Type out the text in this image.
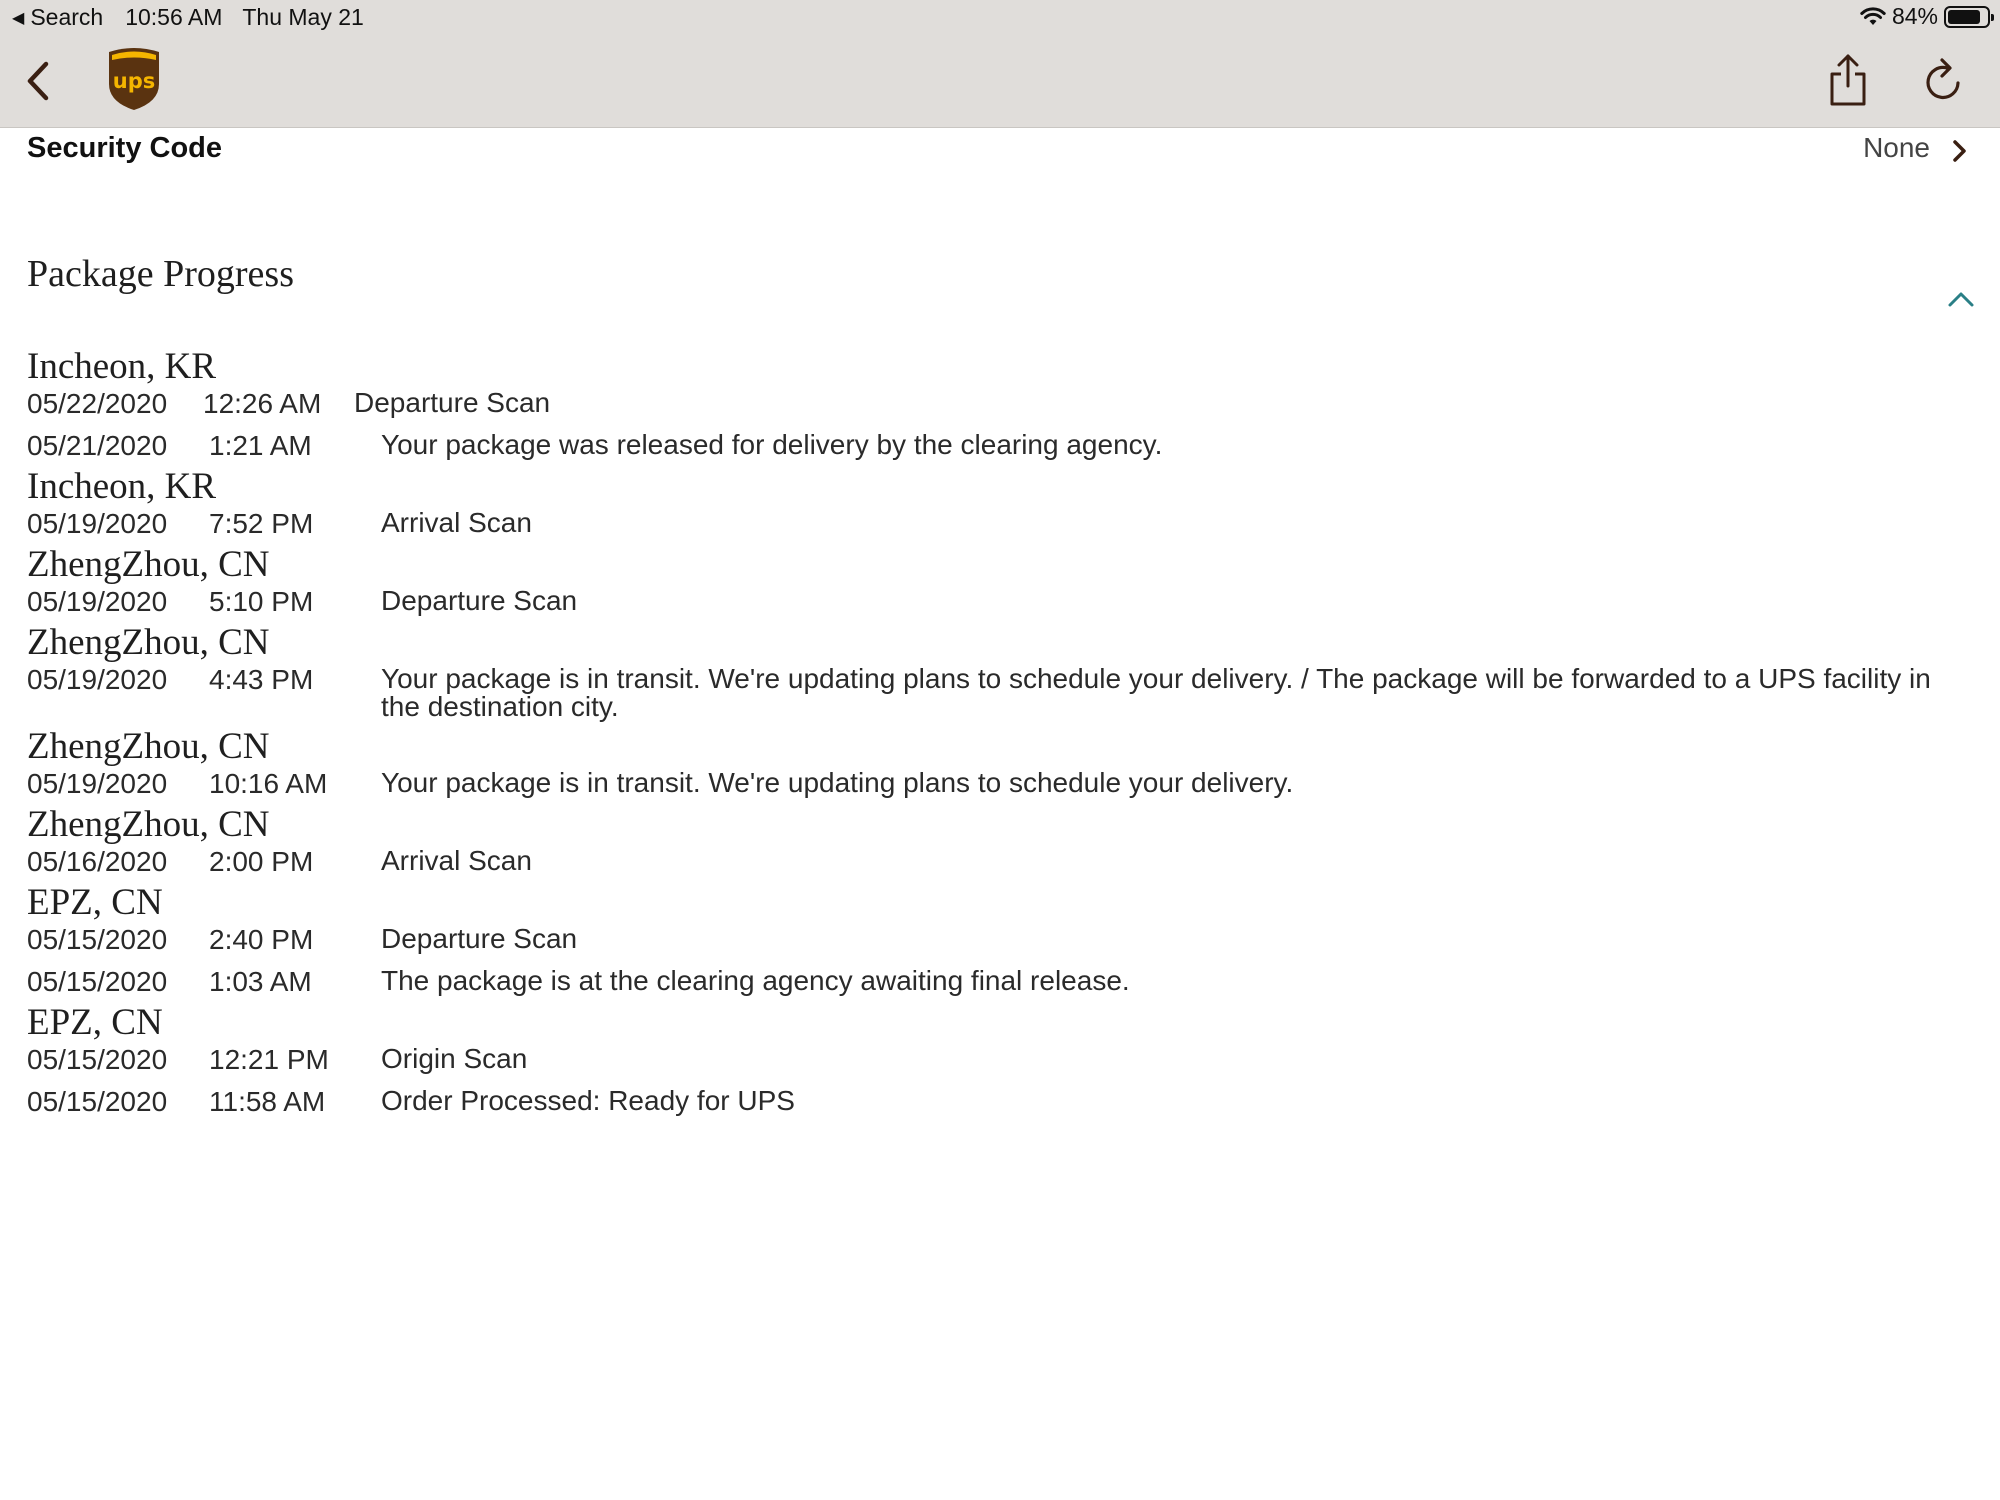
◀ Search 10:56 AM Thu May 21	84%
ups
Security Code	None
Package Progress
Incheon, KR
05/22/2020	12:26 AM	Departure Scan
05/21/2020	1:21 AM	Your package was released for delivery by the clearing agency.
Incheon, KR
05/19/2020	7:52 PM	Arrival Scan
ZhengZhou, CN
05/19/2020	5:10 PM	Departure Scan
ZhengZhou, CN
05/19/2020	4:43 PM	Your package is in transit. We're updating plans to schedule your delivery. / The package will be forwarded to a UPS facility in the destination city.
ZhengZhou, CN
05/19/2020	10:16 AM	Your package is in transit. We're updating plans to schedule your delivery.
ZhengZhou, CN
05/16/2020	2:00 PM	Arrival Scan
EPZ, CN
05/15/2020	2:40 PM	Departure Scan
05/15/2020	1:03 AM	The package is at the clearing agency awaiting final release.
EPZ, CN
05/15/2020	12:21 PM	Origin Scan
05/15/2020	11:58 AM	Order Processed: Ready for UPS
